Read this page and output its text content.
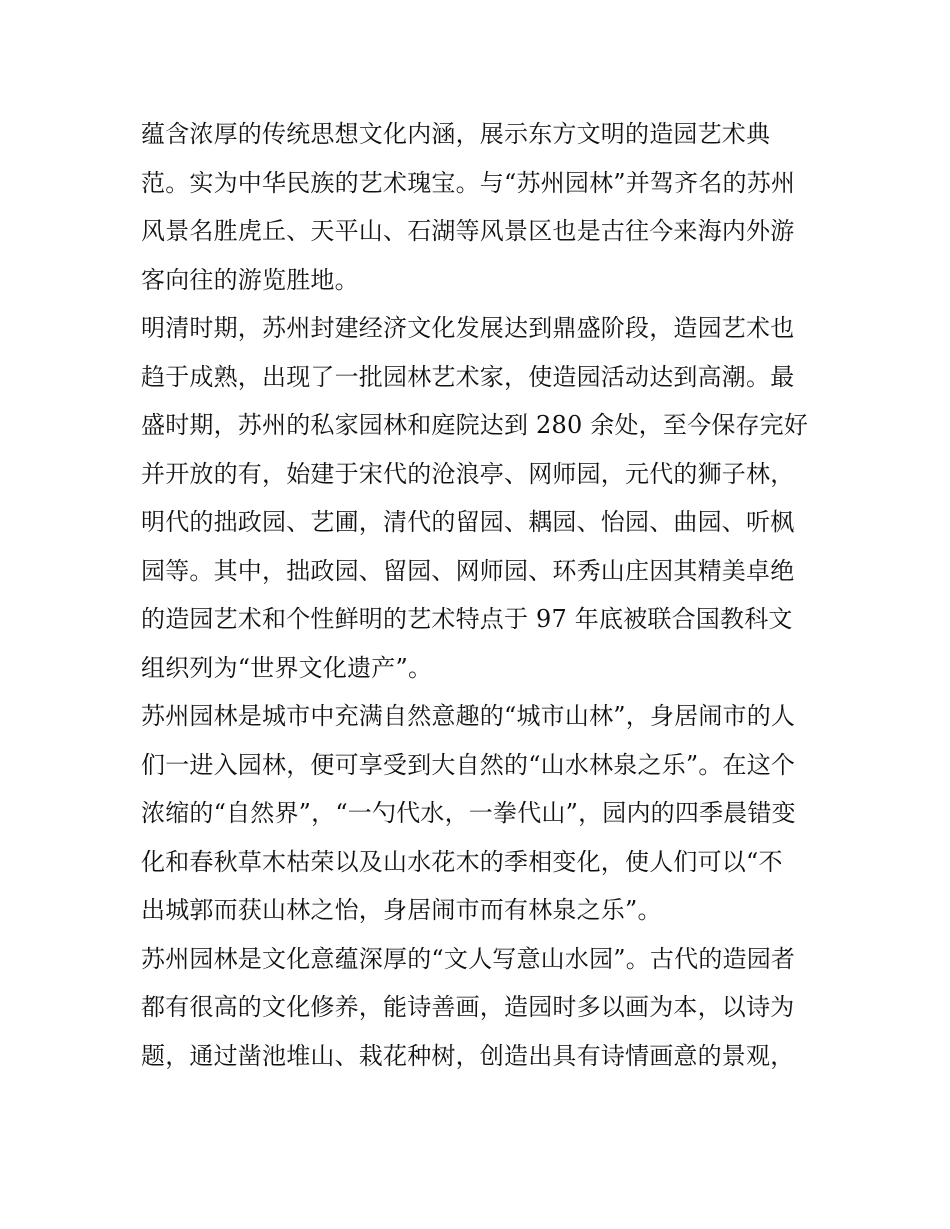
蕴含浓厚的传统思想文化内涵，展示东方文明的造园艺术典
范。实为中华民族的艺术瑰宝。与“苏州园林”并驾齐名的苏州
风景名胜虎丘、天平山、石湖等风景区也是古往今来海内外游
客向往的游览胜地。
明清时期，苏州封建经济文化发展达到鼎盛阶段，造园艺术也
趋于成熟，出现了一批园林艺术家，使造园活动达到高潮。最
盛时期，苏州的私家园林和庭院达到 280 余处，至今保存完好
并开放的有，始建于宋代的沧浪亭、网师园，元代的狮子林，
明代的拙政园、艺圃，清代的留园、耦园、怡园、曲园、听枫
园等。其中，拙政园、留园、网师园、环秀山庄因其精美卓绝
的造园艺术和个性鲜明的艺术特点于 97 年底被联合国教科文
组织列为“世界文化遗产”。
苏州园林是城市中充满自然意趣的“城市山林”，身居闹市的人
们一进入园林，便可享受到大自然的“山水林泉之乐”。在这个
浓缩的“自然界”，“一勺代水，一拳代山”，园内的四季晨错变
化和春秋草木枯荣以及山水花木的季相变化，使人们可以“不
出城郭而获山林之怡，身居闹市而有林泉之乐”。
苏州园林是文化意蕴深厚的“文人写意山水园”。古代的造园者
都有很高的文化修养，能诗善画，造园时多以画为本，以诗为
题，通过凿池堆山、栽花种树，创造出具有诗情画意的景观，
